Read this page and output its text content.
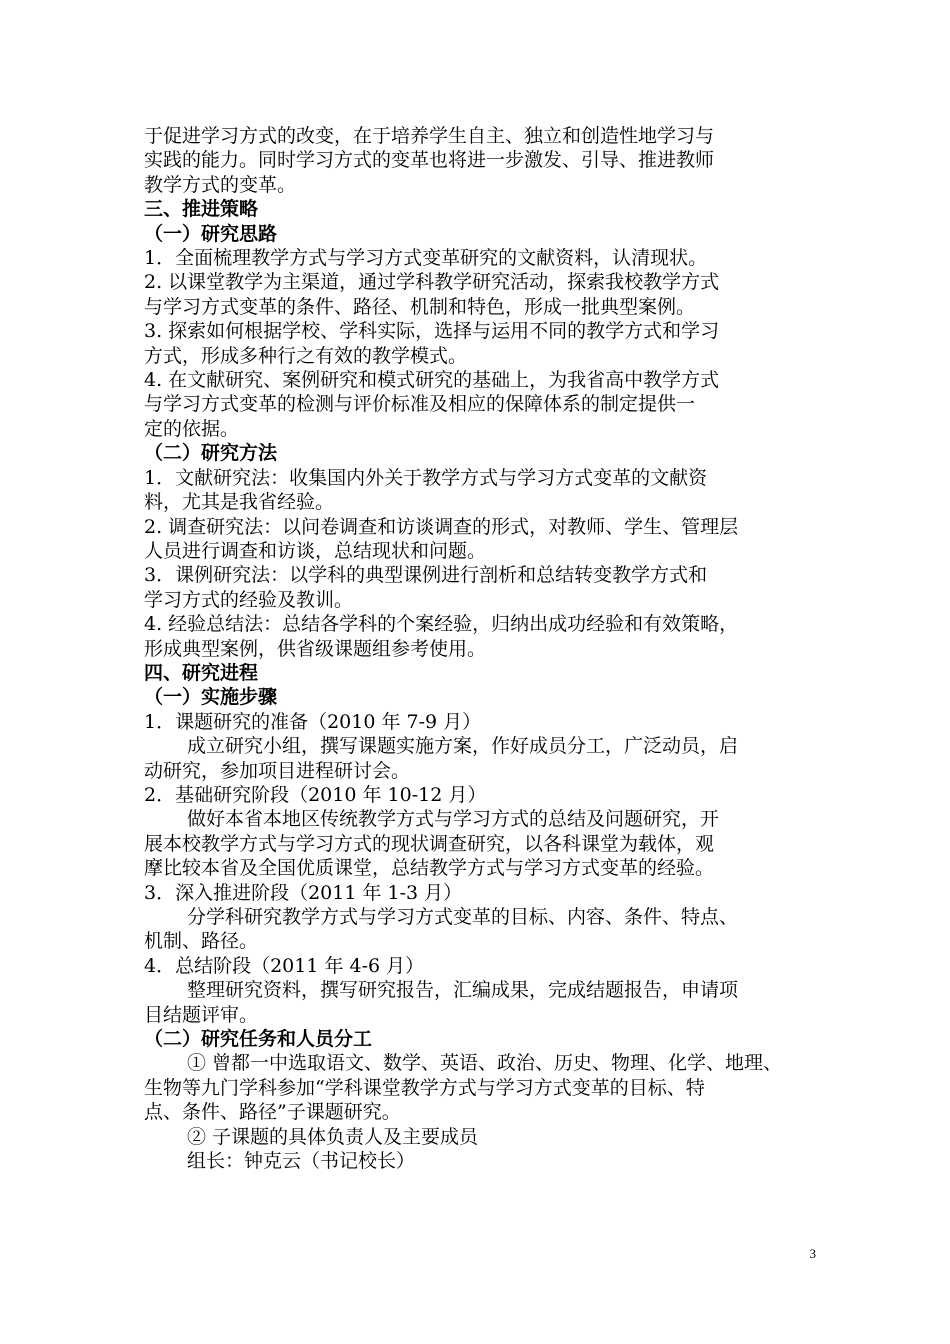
于促进学习方式的改变，在于培养学生自主、独立和创造性地学习与

实践的能力。同时学习方式的变革也将进一步激发、引导、推进教师

教学方式的变革。

三、推进策略

（一）研究思路

1．全面梳理教学方式与学习方式变革研究的文献资料，认清现状。

2. 以课堂教学为主渠道，通过学科教学研究活动，探索我校教学方式

与学习方式变革的条件、路径、机制和特色，形成一批典型案例。

3. 探索如何根据学校、学科实际，选择与运用不同的教学方式和学习

方式，形成多种行之有效的教学模式。

4. 在文献研究、案例研究和模式研究的基础上，为我省高中教学方式

与学习方式变革的检测与评价标准及相应的保障体系的制定提供一

定的依据。

（二）研究方法

1．文献研究法：收集国内外关于教学方式与学习方式变革的文献资

料，尤其是我省经验。

2. 调查研究法：以问卷调查和访谈调查的形式，对教师、学生、管理层

人员进行调查和访谈，总结现状和问题。

3．课例研究法：以学科的典型课例进行剖析和总结转变教学方式和

学习方式的经验及教训。

4. 经验总结法：总结各学科的个案经验，归纳出成功经验和有效策略，

形成典型案例，供省级课题组参考使用。

四、研究进程

（一）实施步骤

1．课题研究的准备（2010 年 7-9 月）

成立研究小组，撰写课题实施方案，作好成员分工，广泛动员，启

动研究，参加项目进程研讨会。

2．基础研究阶段（2010 年 10-12 月）

做好本省本地区传统教学方式与学习方式的总结及问题研究，开

展本校教学方式与学习方式的现状调查研究，以各科课堂为载体，观

摩比较本省及全国优质课堂，总结教学方式与学习方式变革的经验。

3．深入推进阶段（2011 年 1-3 月）

分学科研究教学方式与学习方式变革的目标、内容、条件、特点、

机制、路径。

4．总结阶段（2011 年 4-6 月）

整理研究资料，撰写研究报告，汇编成果，完成结题报告，申请项

目结题评审。

（二）研究任务和人员分工

① 曾都一中选取语文、数学、英语、政治、历史、物理、化学、地理、

生物等九门学科参加“学科课堂教学方式与学习方式变革的目标、特

点、条件、路径”子课题研究。

② 子课题的具体负责人及主要成员

组长：钟克云（书记校长）

3
